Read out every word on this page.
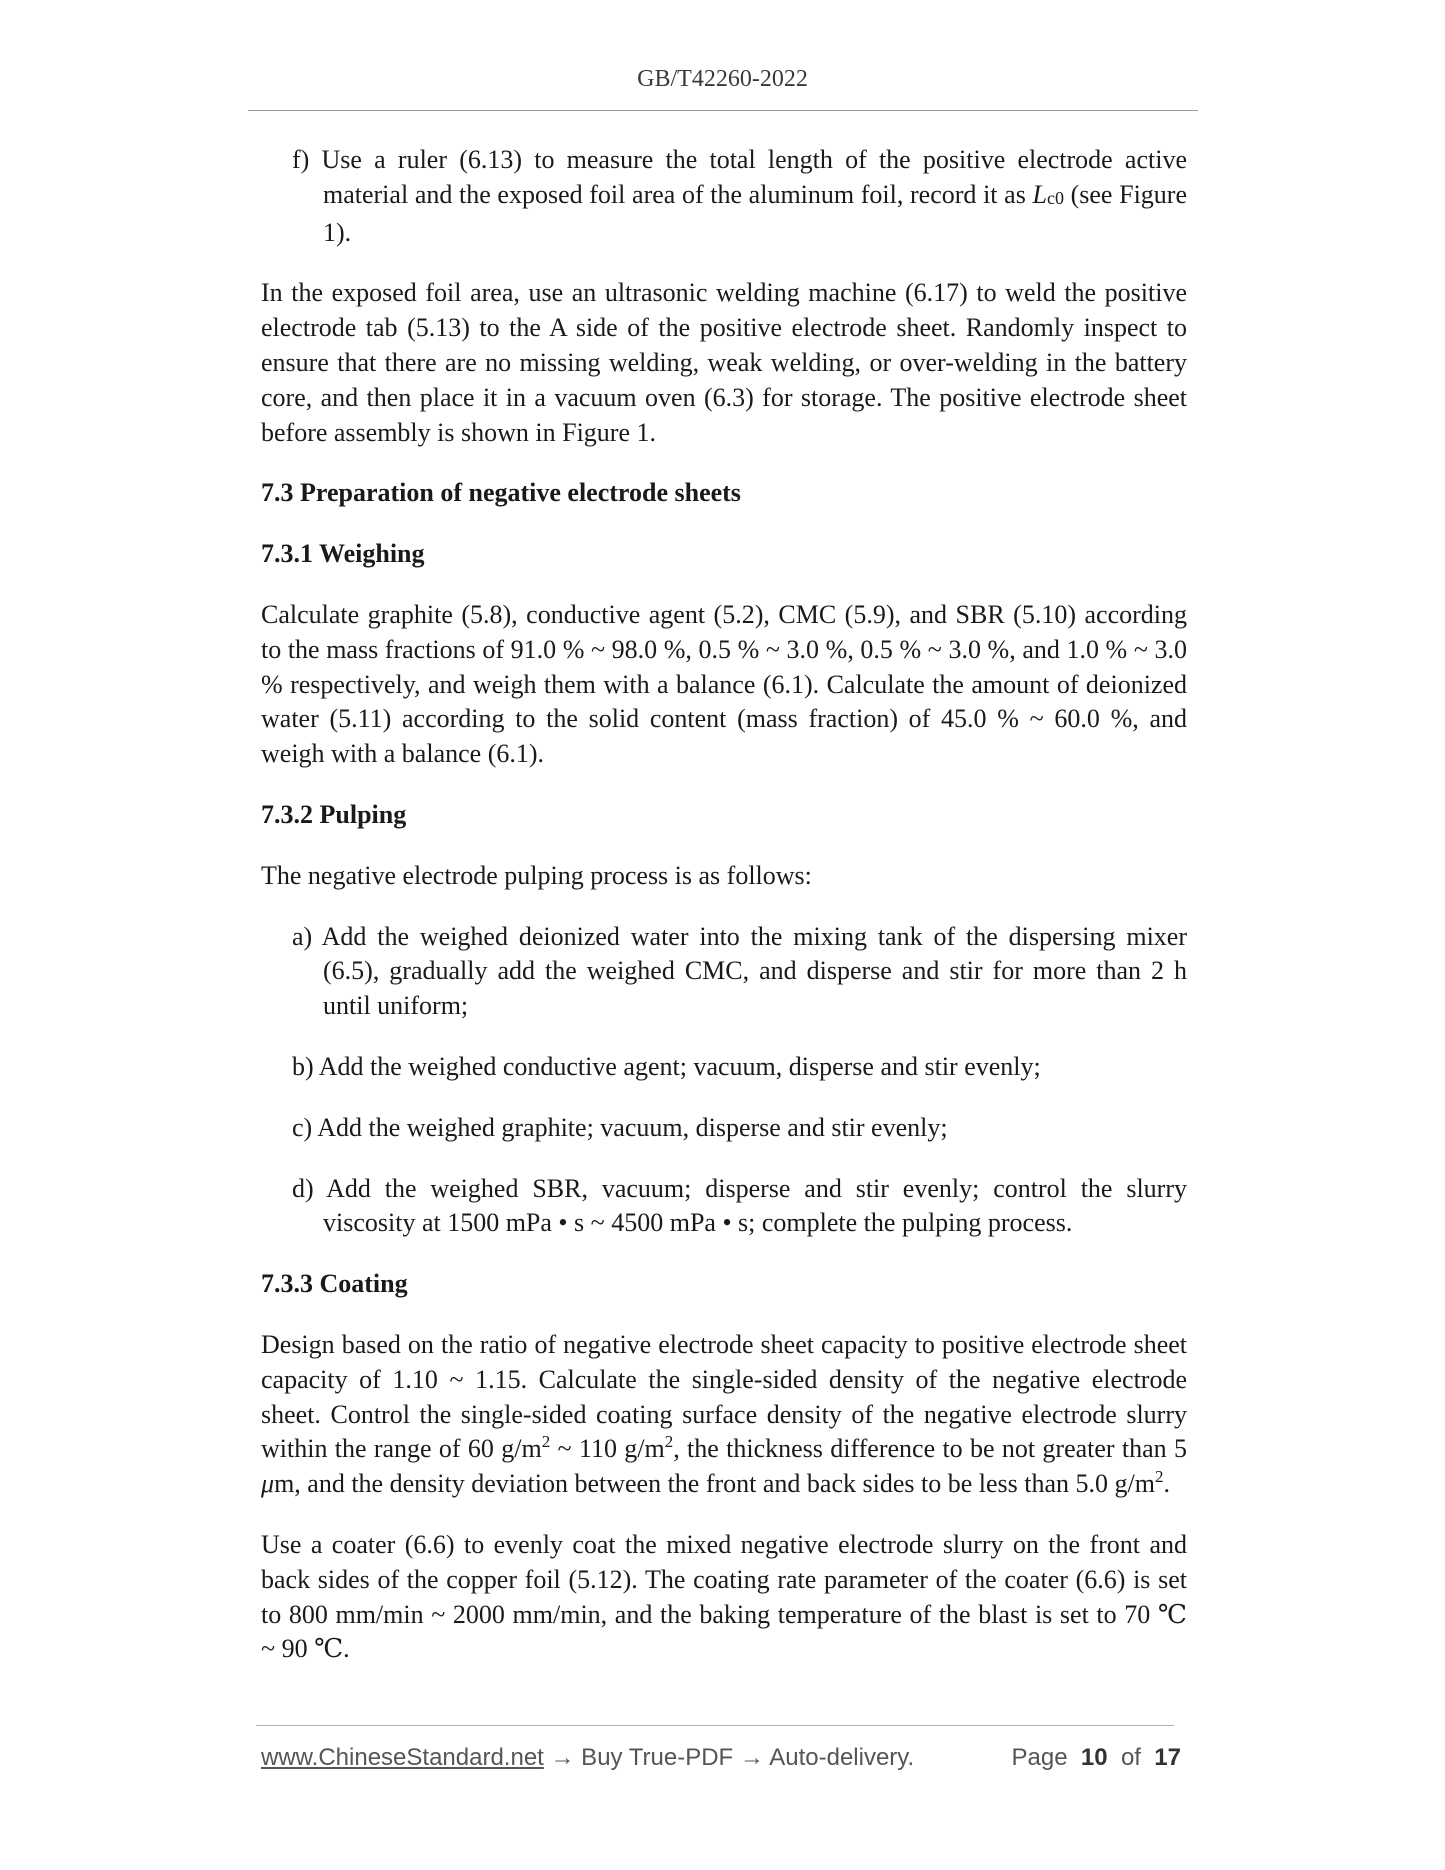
GB/T42260-2022
f) Use a ruler (6.13) to measure the total length of the positive electrode active material and the exposed foil area of the aluminum foil, record it as Lc0 (see Figure 1).

In the exposed foil area, use an ultrasonic welding machine (6.17) to weld the positive electrode tab (5.13) to the A side of the positive electrode sheet. Randomly inspect to ensure that there are no missing welding, weak welding, or over-welding in the battery core, and then place it in a vacuum oven (6.3) for storage. The positive electrode sheet before assembly is shown in Figure 1.

7.3 Preparation of negative electrode sheets
7.3.1 Weighing

Calculate graphite (5.8), conductive agent (5.2), CMC (5.9), and SBR (5.10) according to the mass fractions of 91.0 % ~ 98.0 %, 0.5 % ~ 3.0 %, 0.5 % ~ 3.0 %, and 1.0 % ~ 3.0 % respectively, and weigh them with a balance (6.1). Calculate the amount of deionized water (5.11) according to the solid content (mass fraction) of 45.0 % ~ 60.0 %, and weigh with a balance (6.1).

7.3.2 Pulping

The negative electrode pulping process is as follows:

a) Add the weighed deionized water into the mixing tank of the dispersing mixer (6.5), gradually add the weighed CMC, and disperse and stir for more than 2 h until uniform;
b) Add the weighed conductive agent; vacuum, disperse and stir evenly;
c) Add the weighed graphite; vacuum, disperse and stir evenly;
d) Add the weighed SBR, vacuum; disperse and stir evenly; control the slurry viscosity at 1500 mPa • s ~ 4500 mPa • s; complete the pulping process.
7.3.3 Coating

Design based on the ratio of negative electrode sheet capacity to positive electrode sheet capacity of 1.10 ~ 1.15. Calculate the single-sided density of the negative electrode sheet. Control the single-sided coating surface density of the negative electrode slurry within the range of 60 $g/m^2$ ~ 110 $g/m^2$, the thickness difference to be not greater than 5 μm, and the density deviation between the front and back sides to be less than 5.0 $g/m^2$.

Use a coater (6.6) to evenly coat the mixed negative electrode slurry on the front and back sides of the copper foil (5.12). The coating rate parameter of the coater (6.6) is set to 800 mm/min ~ 2000 mm/min, and the baking temperature of the blast is set to 70 ℃ ~ 90 ℃.

www.ChineseStandard.net → Buy True-PDF → Auto-delivery.	Page 10 of 17
